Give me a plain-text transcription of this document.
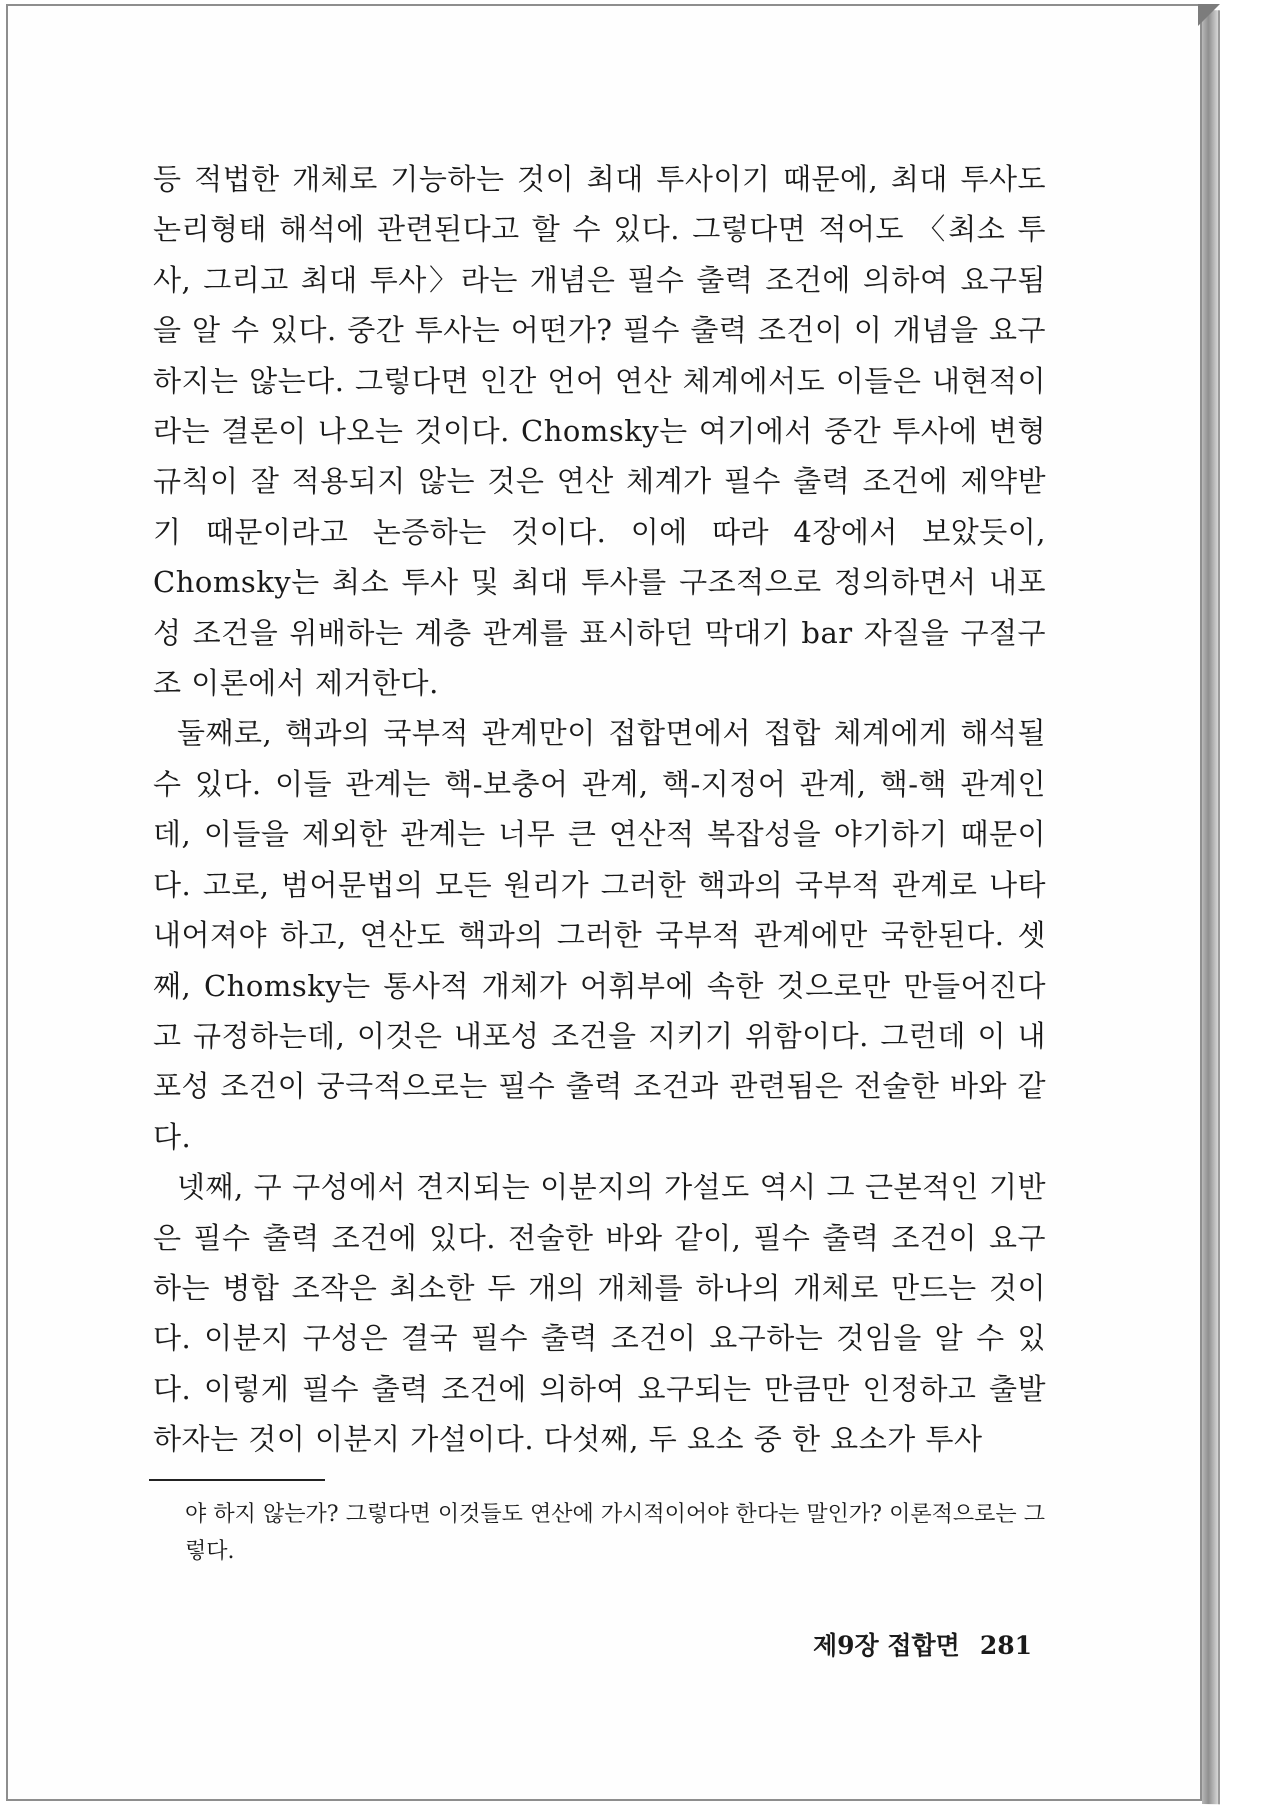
등 적법한 개체로 기능하는 것이 최대 투사이기 때문에, 최대 투사도 논리형태 해석에 관련된다고 할 수 있다. 그렇다면 적어도 〈최소 투사, 그리고 최대 투사〉라는 개념은 필수 출력 조건에 의하여 요구됨을 알 수 있다. 중간 투사는 어떤가? 필수 출력 조건이 이 개념을 요구하지는 않는다. 그렇다면 인간 언어 연산 체계에서도 이들은 내현적이라는 결론이 나오는 것이다. Chomsky는 여기에서 중간 투사에 변형규칙이 잘 적용되지 않는 것은 연산 체계가 필수 출력 조건에 제약받기 때문이라고 논증하는 것이다. 이에 따라 4장에서 보았듯이, Chomsky는 최소 투사 및 최대 투사를 구조적으로 정의하면서 내포성 조건을 위배하는 계층 관계를 표시하던 막대기 bar 자질을 구절구조 이론에서 제거한다.

둘째로, 핵과의 국부적 관계만이 접합면에서 접합 체계에게 해석될 수 있다. 이들 관계는 핵-보충어 관계, 핵-지정어 관계, 핵-핵 관계인데, 이들을 제외한 관계는 너무 큰 연산적 복잡성을 야기하기 때문이다. 고로, 범어문법의 모든 원리가 그러한 핵과의 국부적 관계로 나타내어져야 하고, 연산도 핵과의 그러한 국부적 관계에만 국한된다. 셋째, Chomsky는 통사적 개체가 어휘부에 속한 것으로만 만들어진다고 규정하는데, 이것은 내포성 조건을 지키기 위함이다. 그런데 이 내포성 조건이 궁극적으로는 필수 출력 조건과 관련됨은 전술한 바와 같다.

넷째, 구 구성에서 견지되는 이분지의 가설도 역시 그 근본적인 기반은 필수 출력 조건에 있다. 전술한 바와 같이, 필수 출력 조건이 요구하는 병합 조작은 최소한 두 개의 개체를 하나의 개체로 만드는 것이다. 이분지 구성은 결국 필수 출력 조건이 요구하는 것임을 알 수 있다. 이렇게 필수 출력 조건에 의하여 요구되는 만큼만 인정하고 출발하자는 것이 이분지 가설이다. 다섯째, 두 요소 중 한 요소가 투사

야 하지 않는가? 그렇다면 이것들도 연산에 가시적이어야 한다는 말인가? 이론적으로는 그렇다.

제9장 접합면 281
